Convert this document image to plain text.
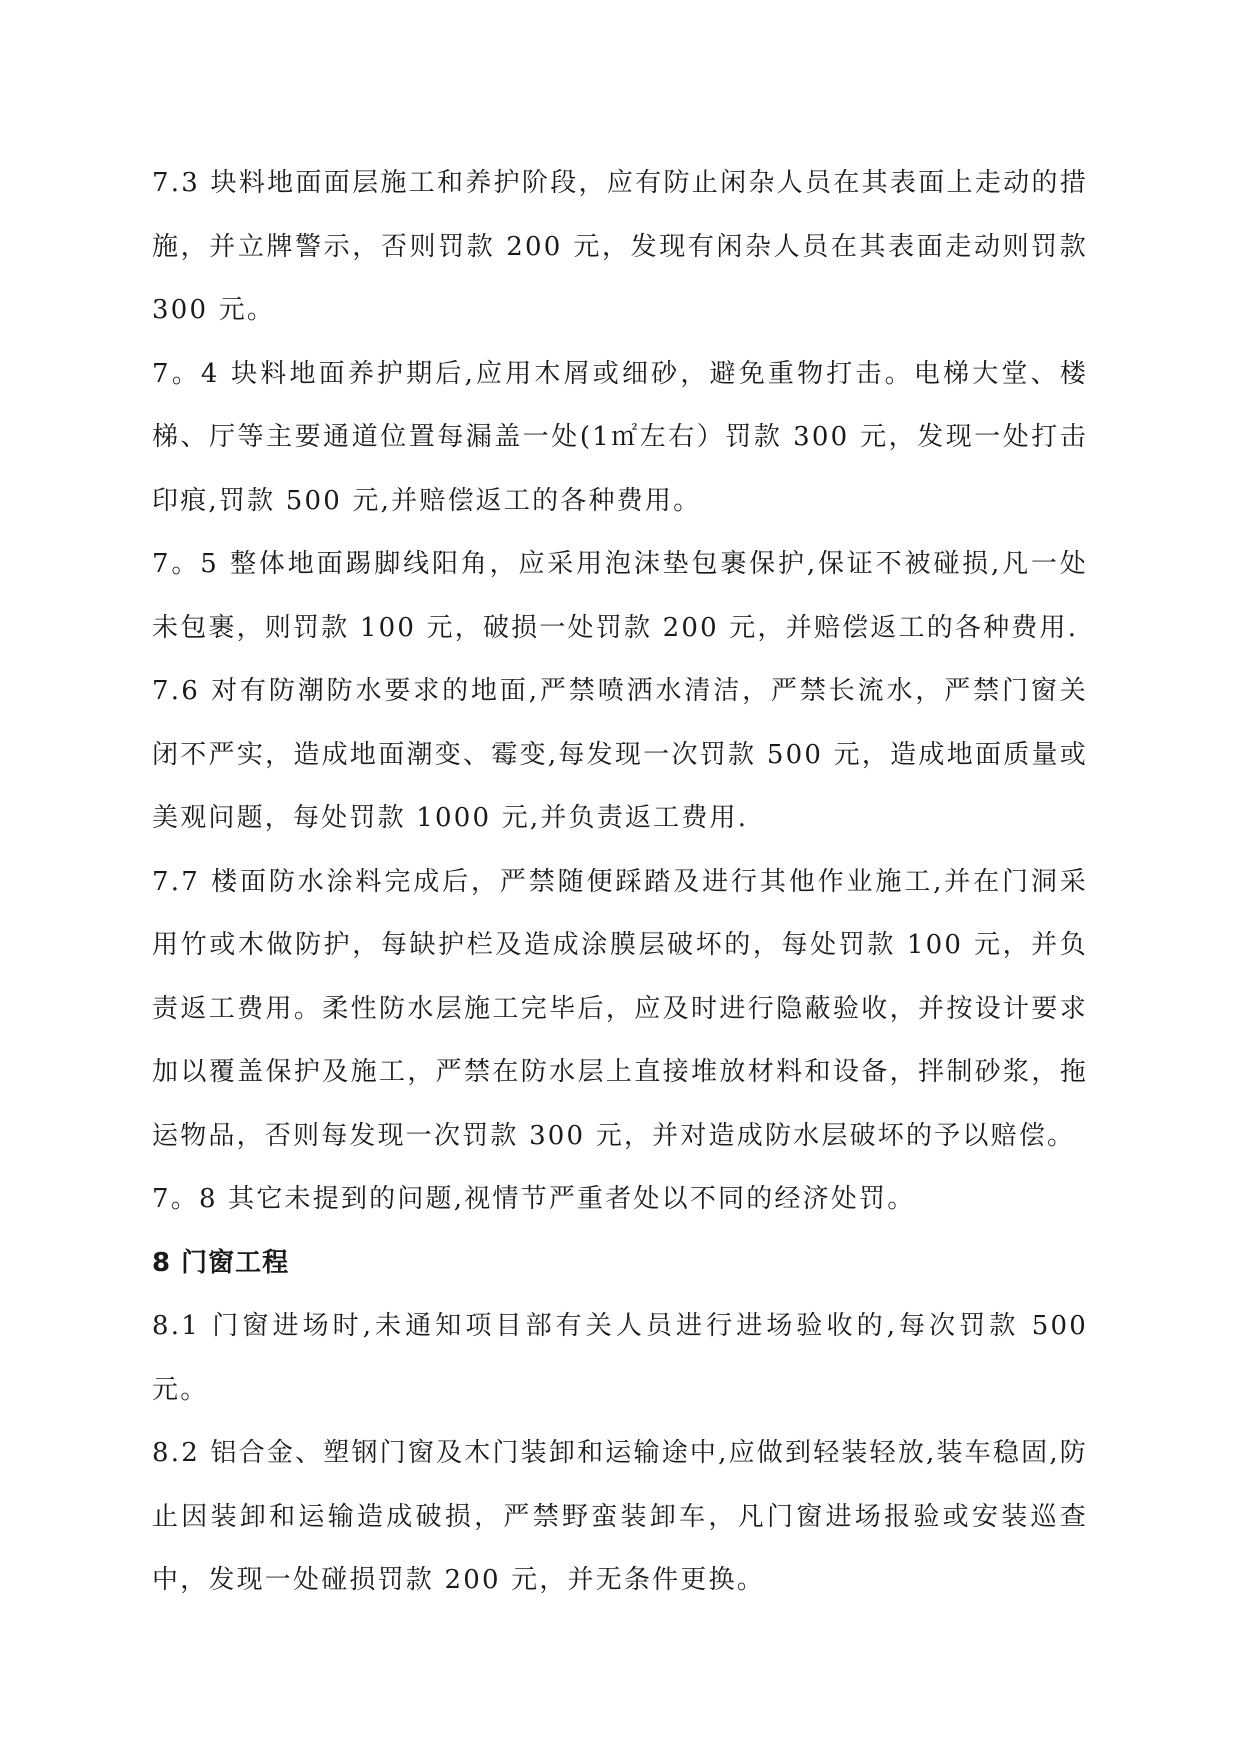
7.3 块料地面面层施工和养护阶段，应有防止闲杂人员在其表面上走动的措施，并立牌警示，否则罚款 200 元，发现有闲杂人员在其表面走动则罚款 300 元。

7。4 块料地面养护期后,应用木屑或细砂，避免重物打击。电梯大堂、楼梯、厅等主要通道位置每漏盖一处(1㎡左右）罚款 300 元，发现一处打击印痕,罚款 500 元,并赔偿返工的各种费用。

7。5 整体地面踢脚线阳角，应采用泡沫垫包裹保护,保证不被碰损,凡一处未包裹，则罚款 100 元，破损一处罚款 200 元，并赔偿返工的各种费用.

7.6 对有防潮防水要求的地面,严禁喷洒水清洁，严禁长流水，严禁门窗关闭不严实，造成地面潮变、霉变,每发现一次罚款 500 元，造成地面质量或美观问题，每处罚款 1000 元,并负责返工费用.

7.7 楼面防水涂料完成后，严禁随便踩踏及进行其他作业施工,并在门洞采用竹或木做防护，每缺护栏及造成涂膜层破坏的，每处罚款 100 元，并负责返工费用。柔性防水层施工完毕后，应及时进行隐蔽验收，并按设计要求加以覆盖保护及施工，严禁在防水层上直接堆放材料和设备，拌制砂浆，拖运物品，否则每发现一次罚款 300 元，并对造成防水层破坏的予以赔偿。

7。8 其它未提到的问题,视情节严重者处以不同的经济处罚。

8 门窗工程

8.1 门窗进场时,未通知项目部有关人员进行进场验收的,每次罚款 500 元。

8.2 铝合金、塑钢门窗及木门装卸和运输途中,应做到轻装轻放,装车稳固,防止因装卸和运输造成破损，严禁野蛮装卸车，凡门窗进场报验或安装巡查中，发现一处碰损罚款 200 元，并无条件更换。
